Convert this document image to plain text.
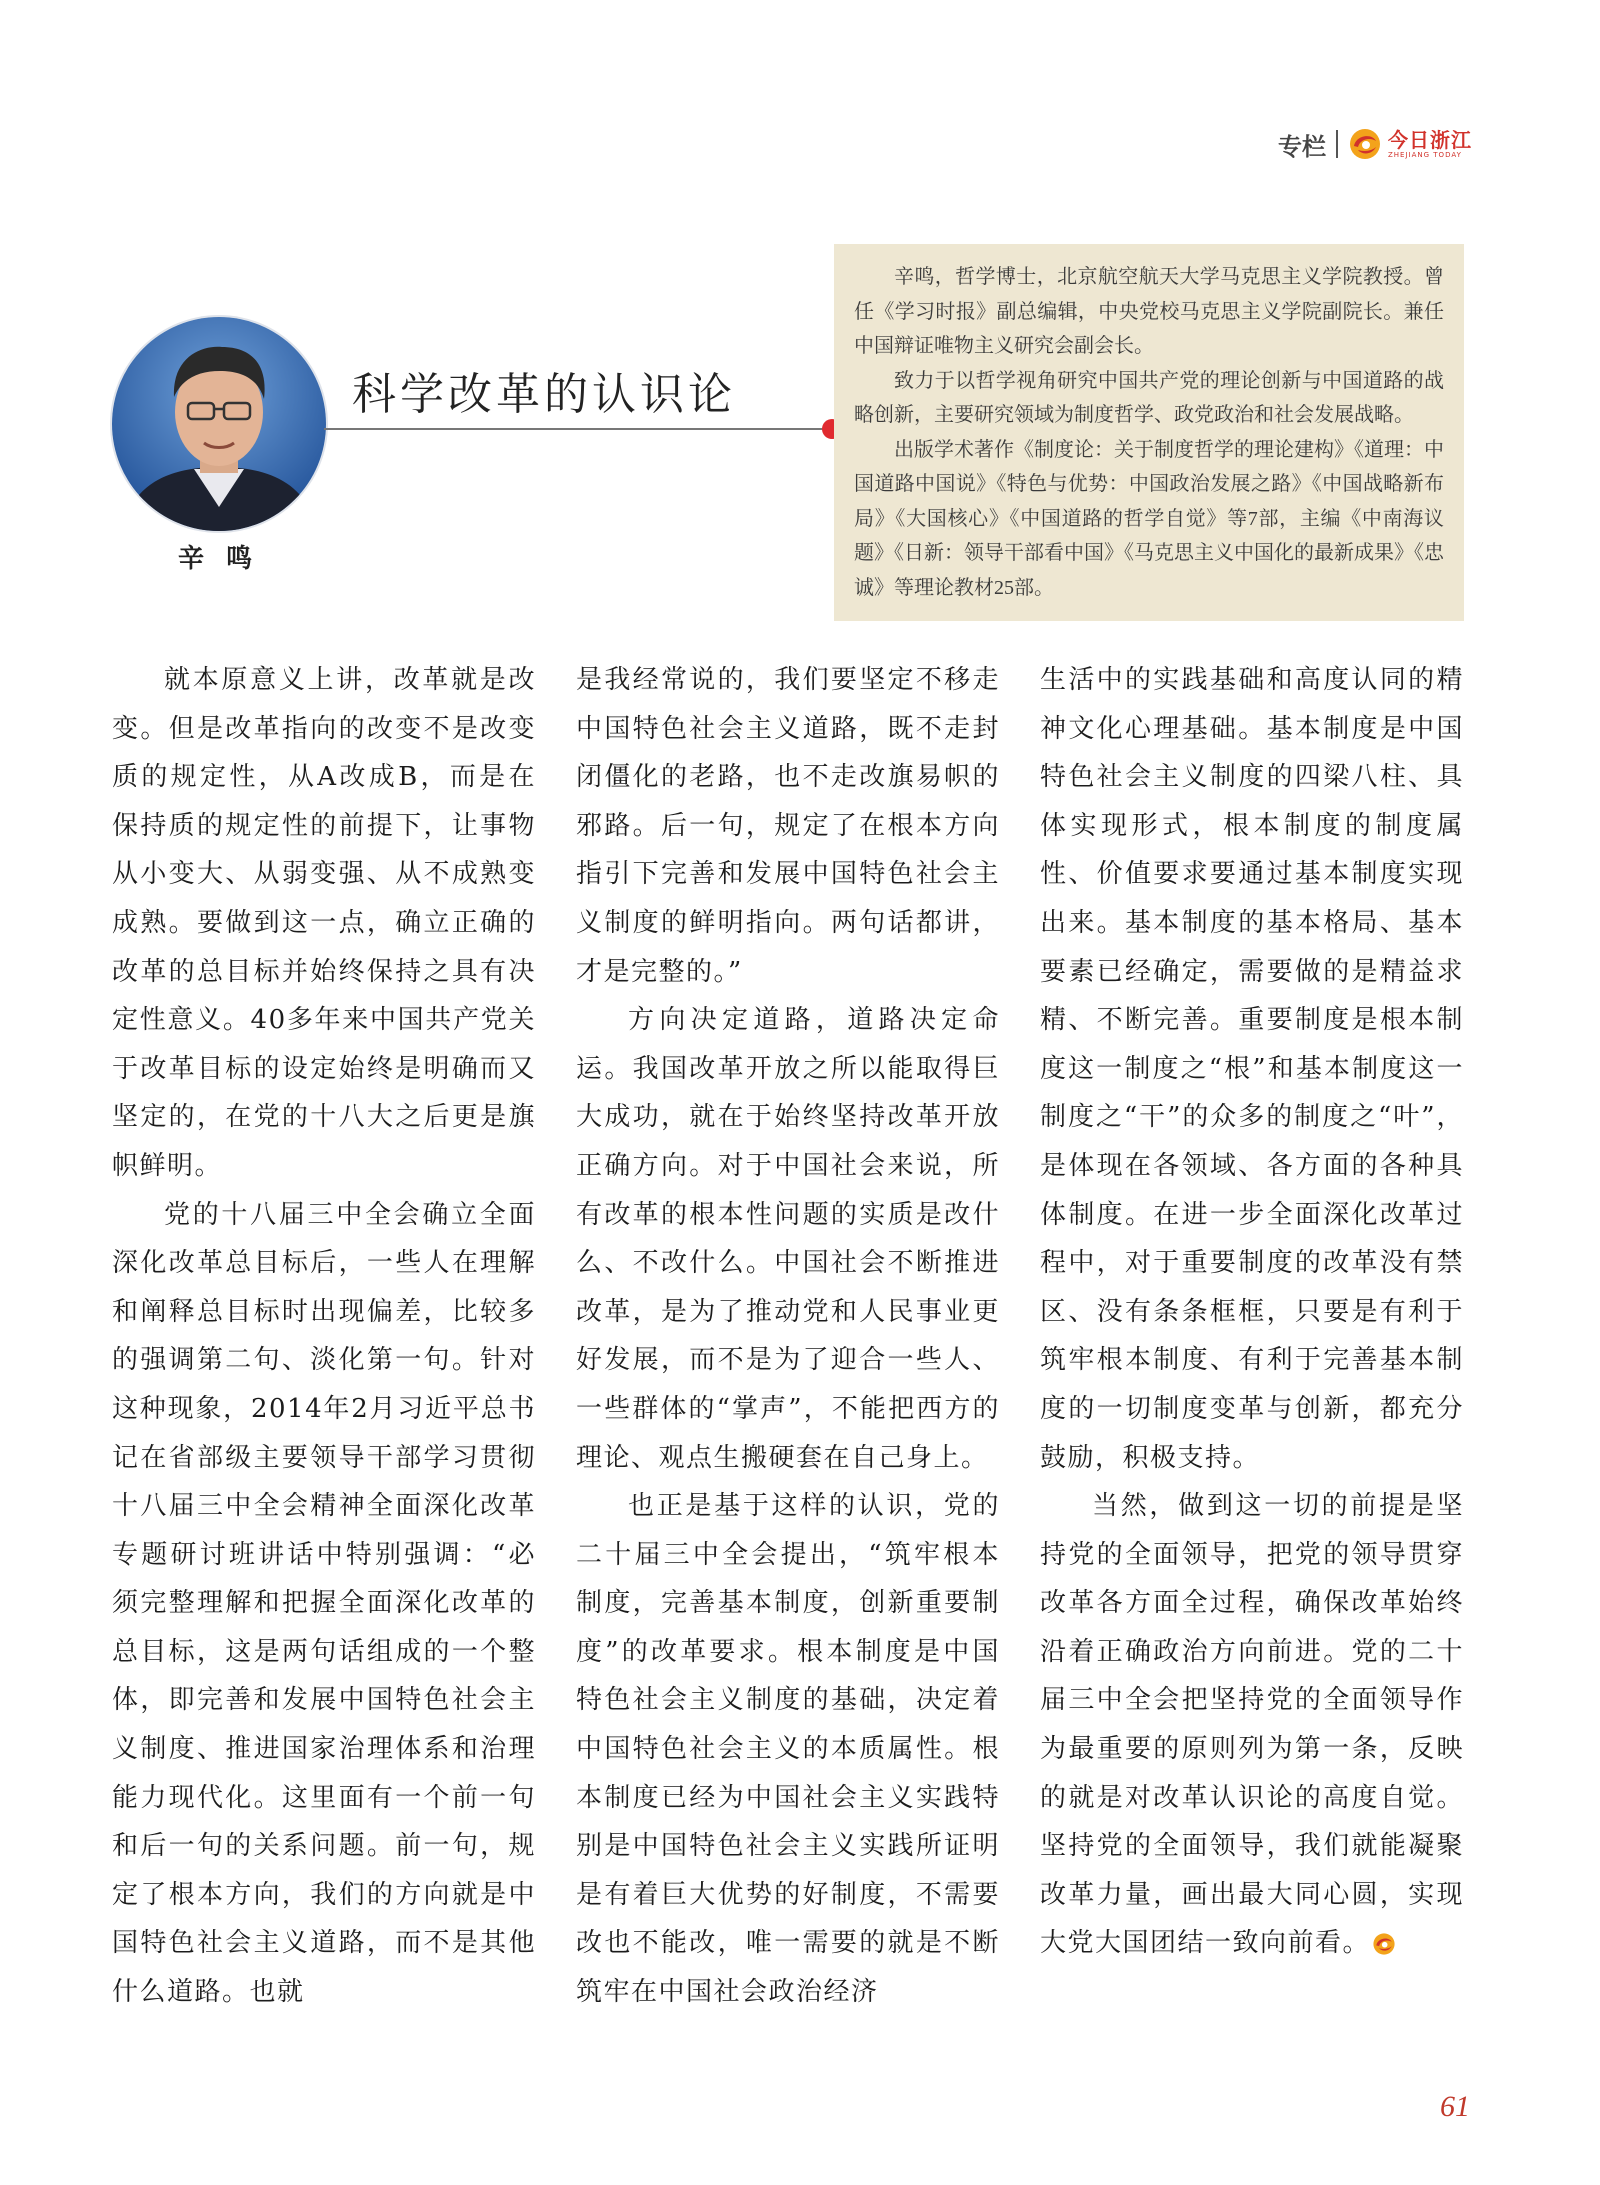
专栏	今日浙江
ZHEJIANG TODAY
辛鸣
科学改革的认识论

辛鸣，哲学博士，北京航空航天大学马克思主义学院教授。曾任《学习时报》副总编辑，中央党校马克思主义学院副院长。兼任中国辩证唯物主义研究会副会长。

致力于以哲学视角研究中国共产党的理论创新与中国道路的战略创新，主要研究领域为制度哲学、政党政治和社会发展战略。

出版学术著作《制度论：关于制度哲学的理论建构》《道理：中国道路中国说》《特色与优势：中国政治发展之路》《中国战略新布局》《大国核心》《中国道路的哲学自觉》等7部，主编《中南海议题》《日新：领导干部看中国》《马克思主义中国化的最新成果》《忠诚》等理论教材25部。

就本原意义上讲，改革就是改变。但是改革指向的改变不是改变质的规定性，从A改成B，而是在保持质的规定性的前提下，让事物从小变大、从弱变强、从不成熟变成熟。要做到这一点，确立正确的改革的总目标并始终保持之具有决定性意义。40多年来中国共产党关于改革目标的设定始终是明确而又坚定的，在党的十八大之后更是旗帜鲜明。

党的十八届三中全会确立全面深化改革总目标后，一些人在理解和阐释总目标时出现偏差，比较多的强调第二句、淡化第一句。针对这种现象，2014年2月习近平总书记在省部级主要领导干部学习贯彻十八届三中全会精神全面深化改革专题研讨班讲话中特别强调：“必须完整理解和把握全面深化改革的总目标，这是两句话组成的一个整体，即完善和发展中国特色社会主义制度、推进国家治理体系和治理能力现代化。这里面有一个前一句和后一句的关系问题。前一句，规定了根本方向，我们的方向就是中国特色社会主义道路，而不是其他什么道路。也就

是我经常说的，我们要坚定不移走中国特色社会主义道路，既不走封闭僵化的老路，也不走改旗易帜的邪路。后一句，规定了在根本方向指引下完善和发展中国特色社会主义制度的鲜明指向。两句话都讲，才是完整的。”

方向决定道路，道路决定命运。我国改革开放之所以能取得巨大成功，就在于始终坚持改革开放正确方向。对于中国社会来说，所有改革的根本性问题的实质是改什么、不改什么。中国社会不断推进改革，是为了推动党和人民事业更好发展，而不是为了迎合一些人、一些群体的“掌声”，不能把西方的理论、观点生搬硬套在自己身上。

也正是基于这样的认识，党的二十届三中全会提出，“筑牢根本制度，完善基本制度，创新重要制度”的改革要求。根本制度是中国特色社会主义制度的基础，决定着中国特色社会主义的本质属性。根本制度已经为中国社会主义实践特别是中国特色社会主义实践所证明是有着巨大优势的好制度，不需要改也不能改，唯一需要的就是不断筑牢在中国社会政治经济

生活中的实践基础和高度认同的精神文化心理基础。基本制度是中国特色社会主义制度的四梁八柱、具体实现形式，根本制度的制度属性、价值要求要通过基本制度实现出来。基本制度的基本格局、基本要素已经确定，需要做的是精益求精、不断完善。重要制度是根本制度这一制度之“根”和基本制度这一制度之“干”的众多的制度之“叶”，是体现在各领域、各方面的各种具体制度。在进一步全面深化改革过程中，对于重要制度的改革没有禁区、没有条条框框，只要是有利于筑牢根本制度、有利于完善基本制度的一切制度变革与创新，都充分鼓励，积极支持。

当然，做到这一切的前提是坚持党的全面领导，把党的领导贯穿改革各方面全过程，确保改革始终沿着正确政治方向前进。党的二十届三中全会把坚持党的全面领导作为最重要的原则列为第一条，反映的就是对改革认识论的高度自觉。坚持党的全面领导，我们就能凝聚改革力量，画出最大同心圆，实现大党大国团结一致向前看。

61
